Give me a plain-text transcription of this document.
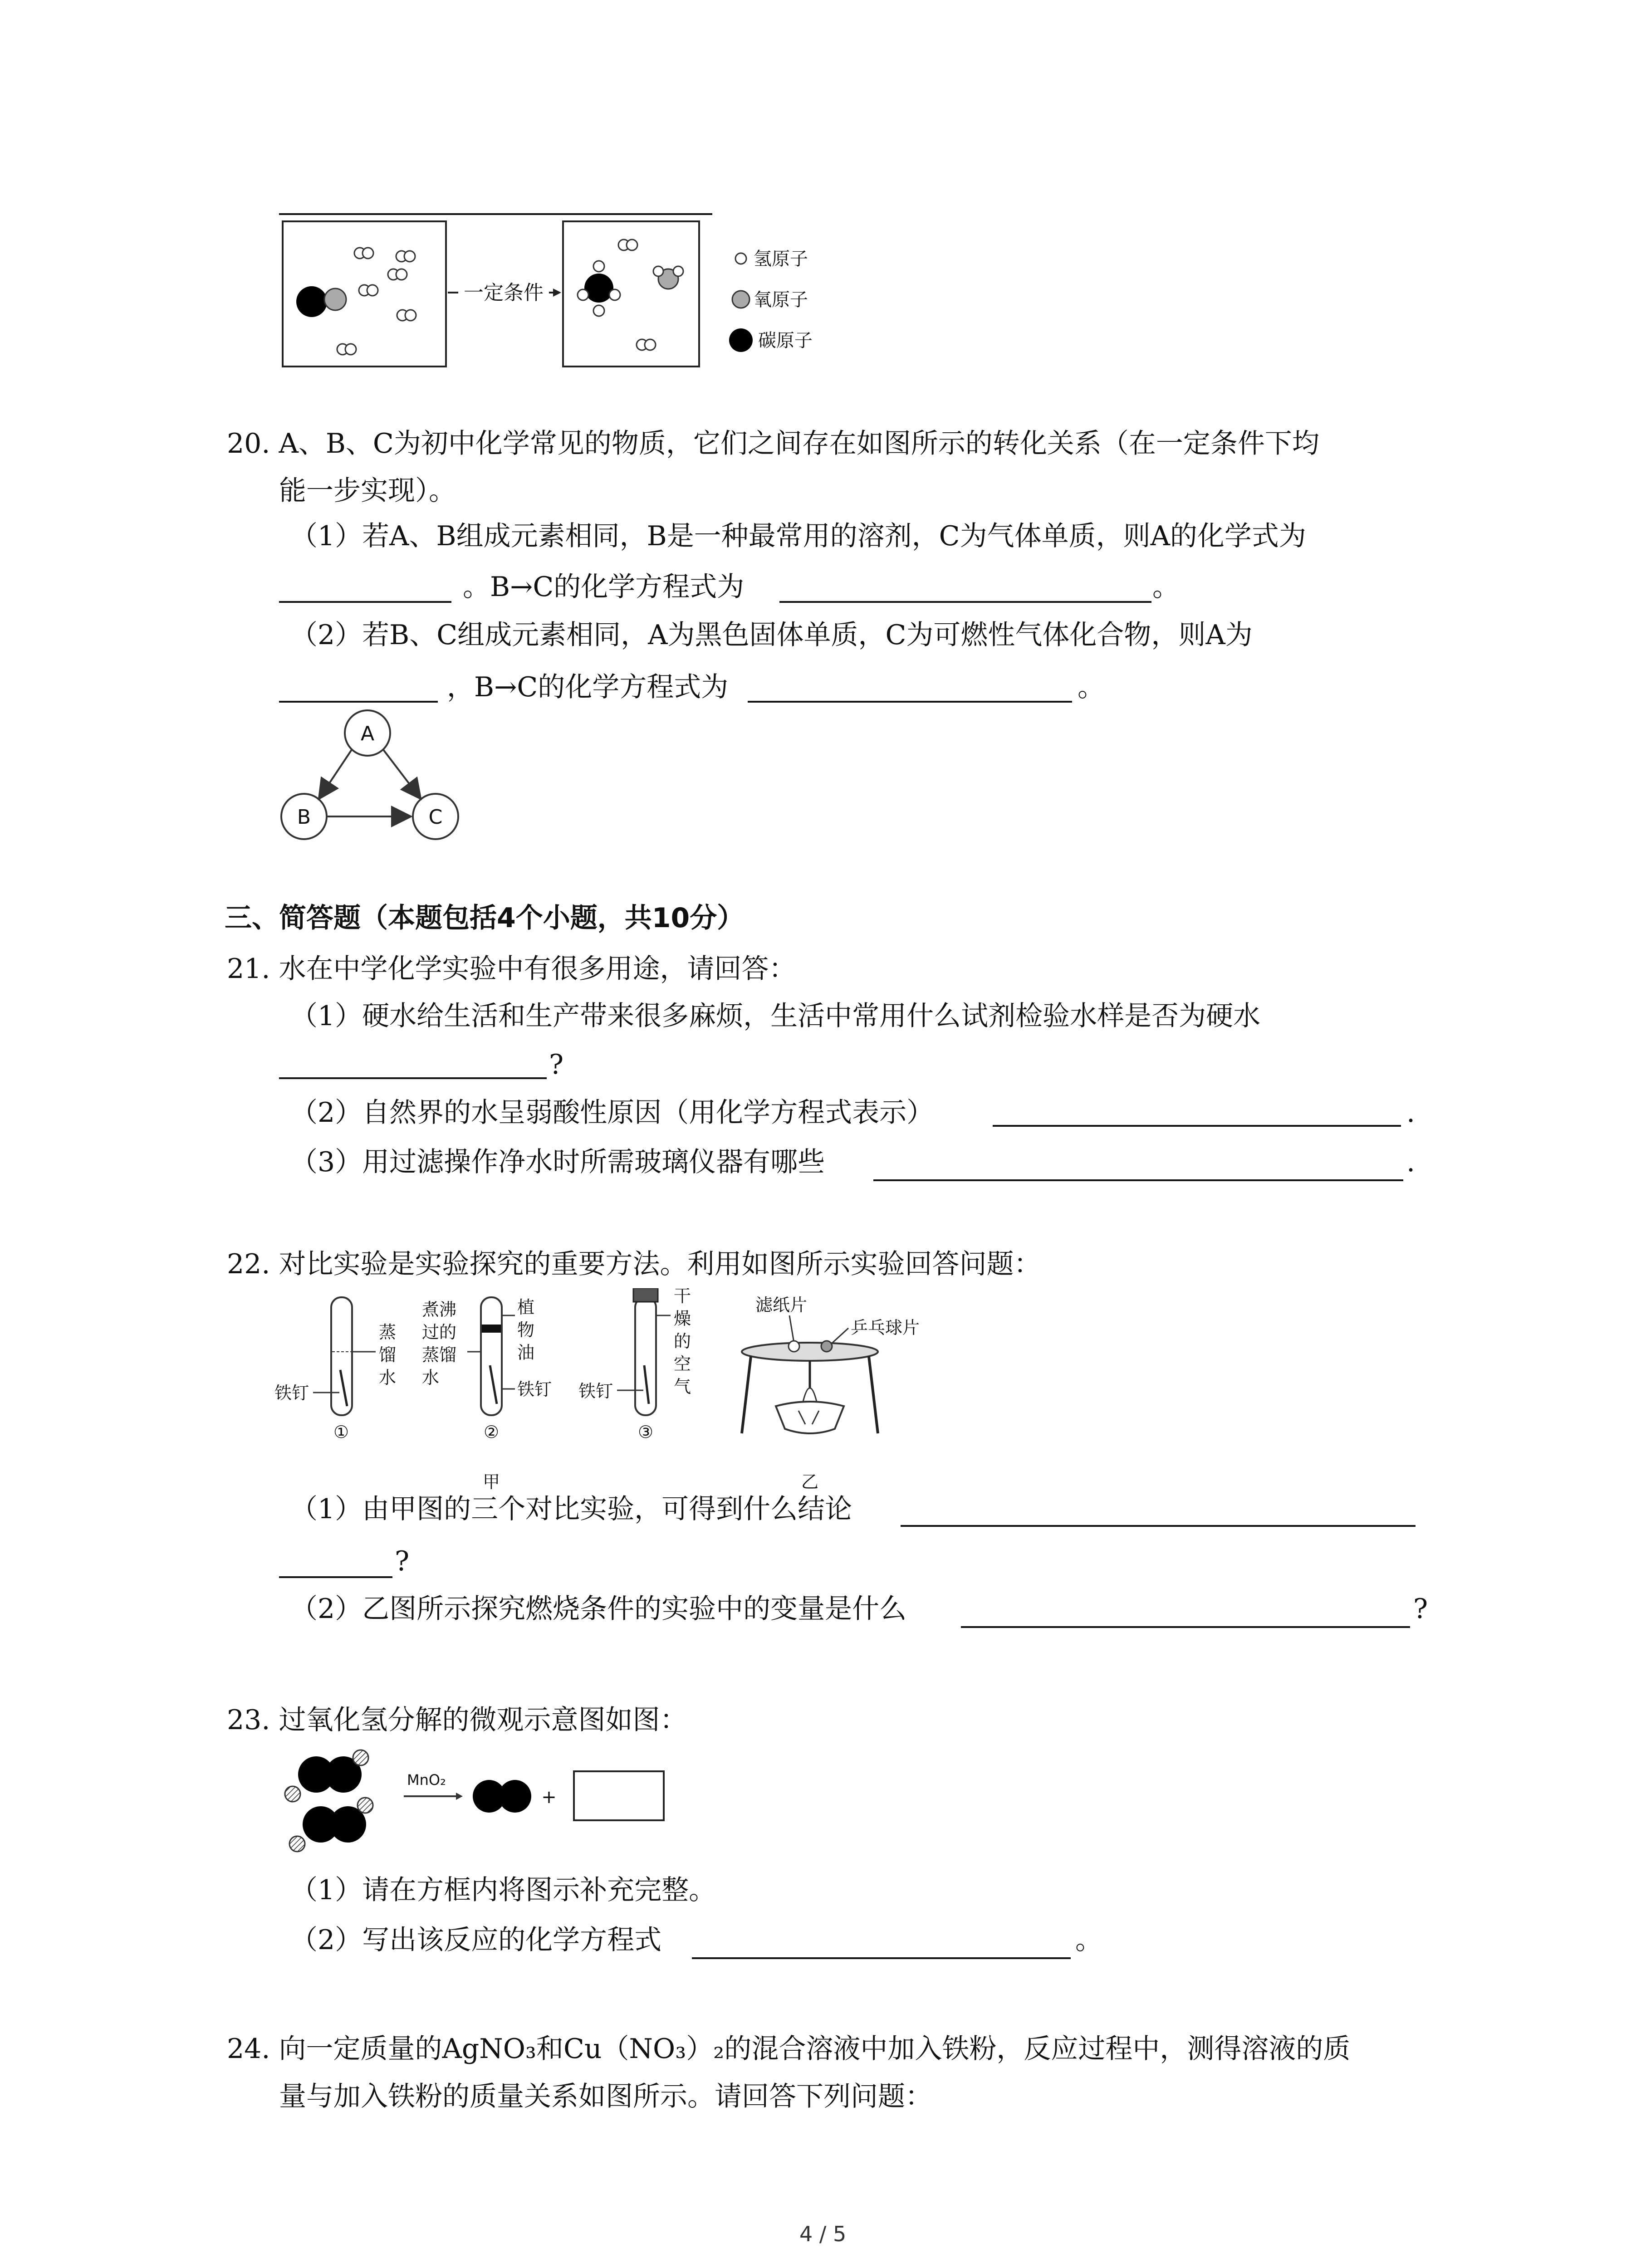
一定条件
氢原子
氧原子
碳原子
20. A、B、C为初中化学常见的物质，它们之间存在如图所示的转化关系（在一定条件下均
能一步实现）。
（1）若A、B组成元素相同，B是一种最常用的溶剂，C为气体单质，则A的化学式为
。B→C的化学方程式为	。
（2）若B、C组成元素相同，A为黑色固体单质，C为可燃性气体化合物，则A为
，B→C的化学方程式为	。
A
B	C
三、简答题（本题包括4个小题，共10分）
21. 水在中学化学实验中有很多用途，请回答：
（1）硬水给生活和生产带来很多麻烦，生活中常用什么试剂检验水样是否为硬水
?
（2）自然界的水呈弱酸性原因（用化学方程式表示）	.
（3）用过滤操作净水时所需玻璃仪器有哪些	.
22. 对比实验是实验探究的重要方法。利用如图所示实验回答问题：
铁钉
蒸
馏
水
①
植
物
油
铁钉
煮沸
过的
蒸馏
水
②
铁钉
干
燥
的
空
气
③
甲
滤纸片
乒乓球片
乙
（1）由甲图的三个对比实验，可得到什么结论
?
（2）乙图所示探究燃烧条件的实验中的变量是什么	?
23. 过氧化氢分解的微观示意图如图：
MnO₂
+
（1）请在方框内将图示补充完整。
（2）写出该反应的化学方程式	。
24. 向一定质量的AgNO₃和Cu（NO₃）₂的混合溶液中加入铁粉，反应过程中，测得溶液的质
量与加入铁粉的质量关系如图所示。请回答下列问题：
4 / 5
